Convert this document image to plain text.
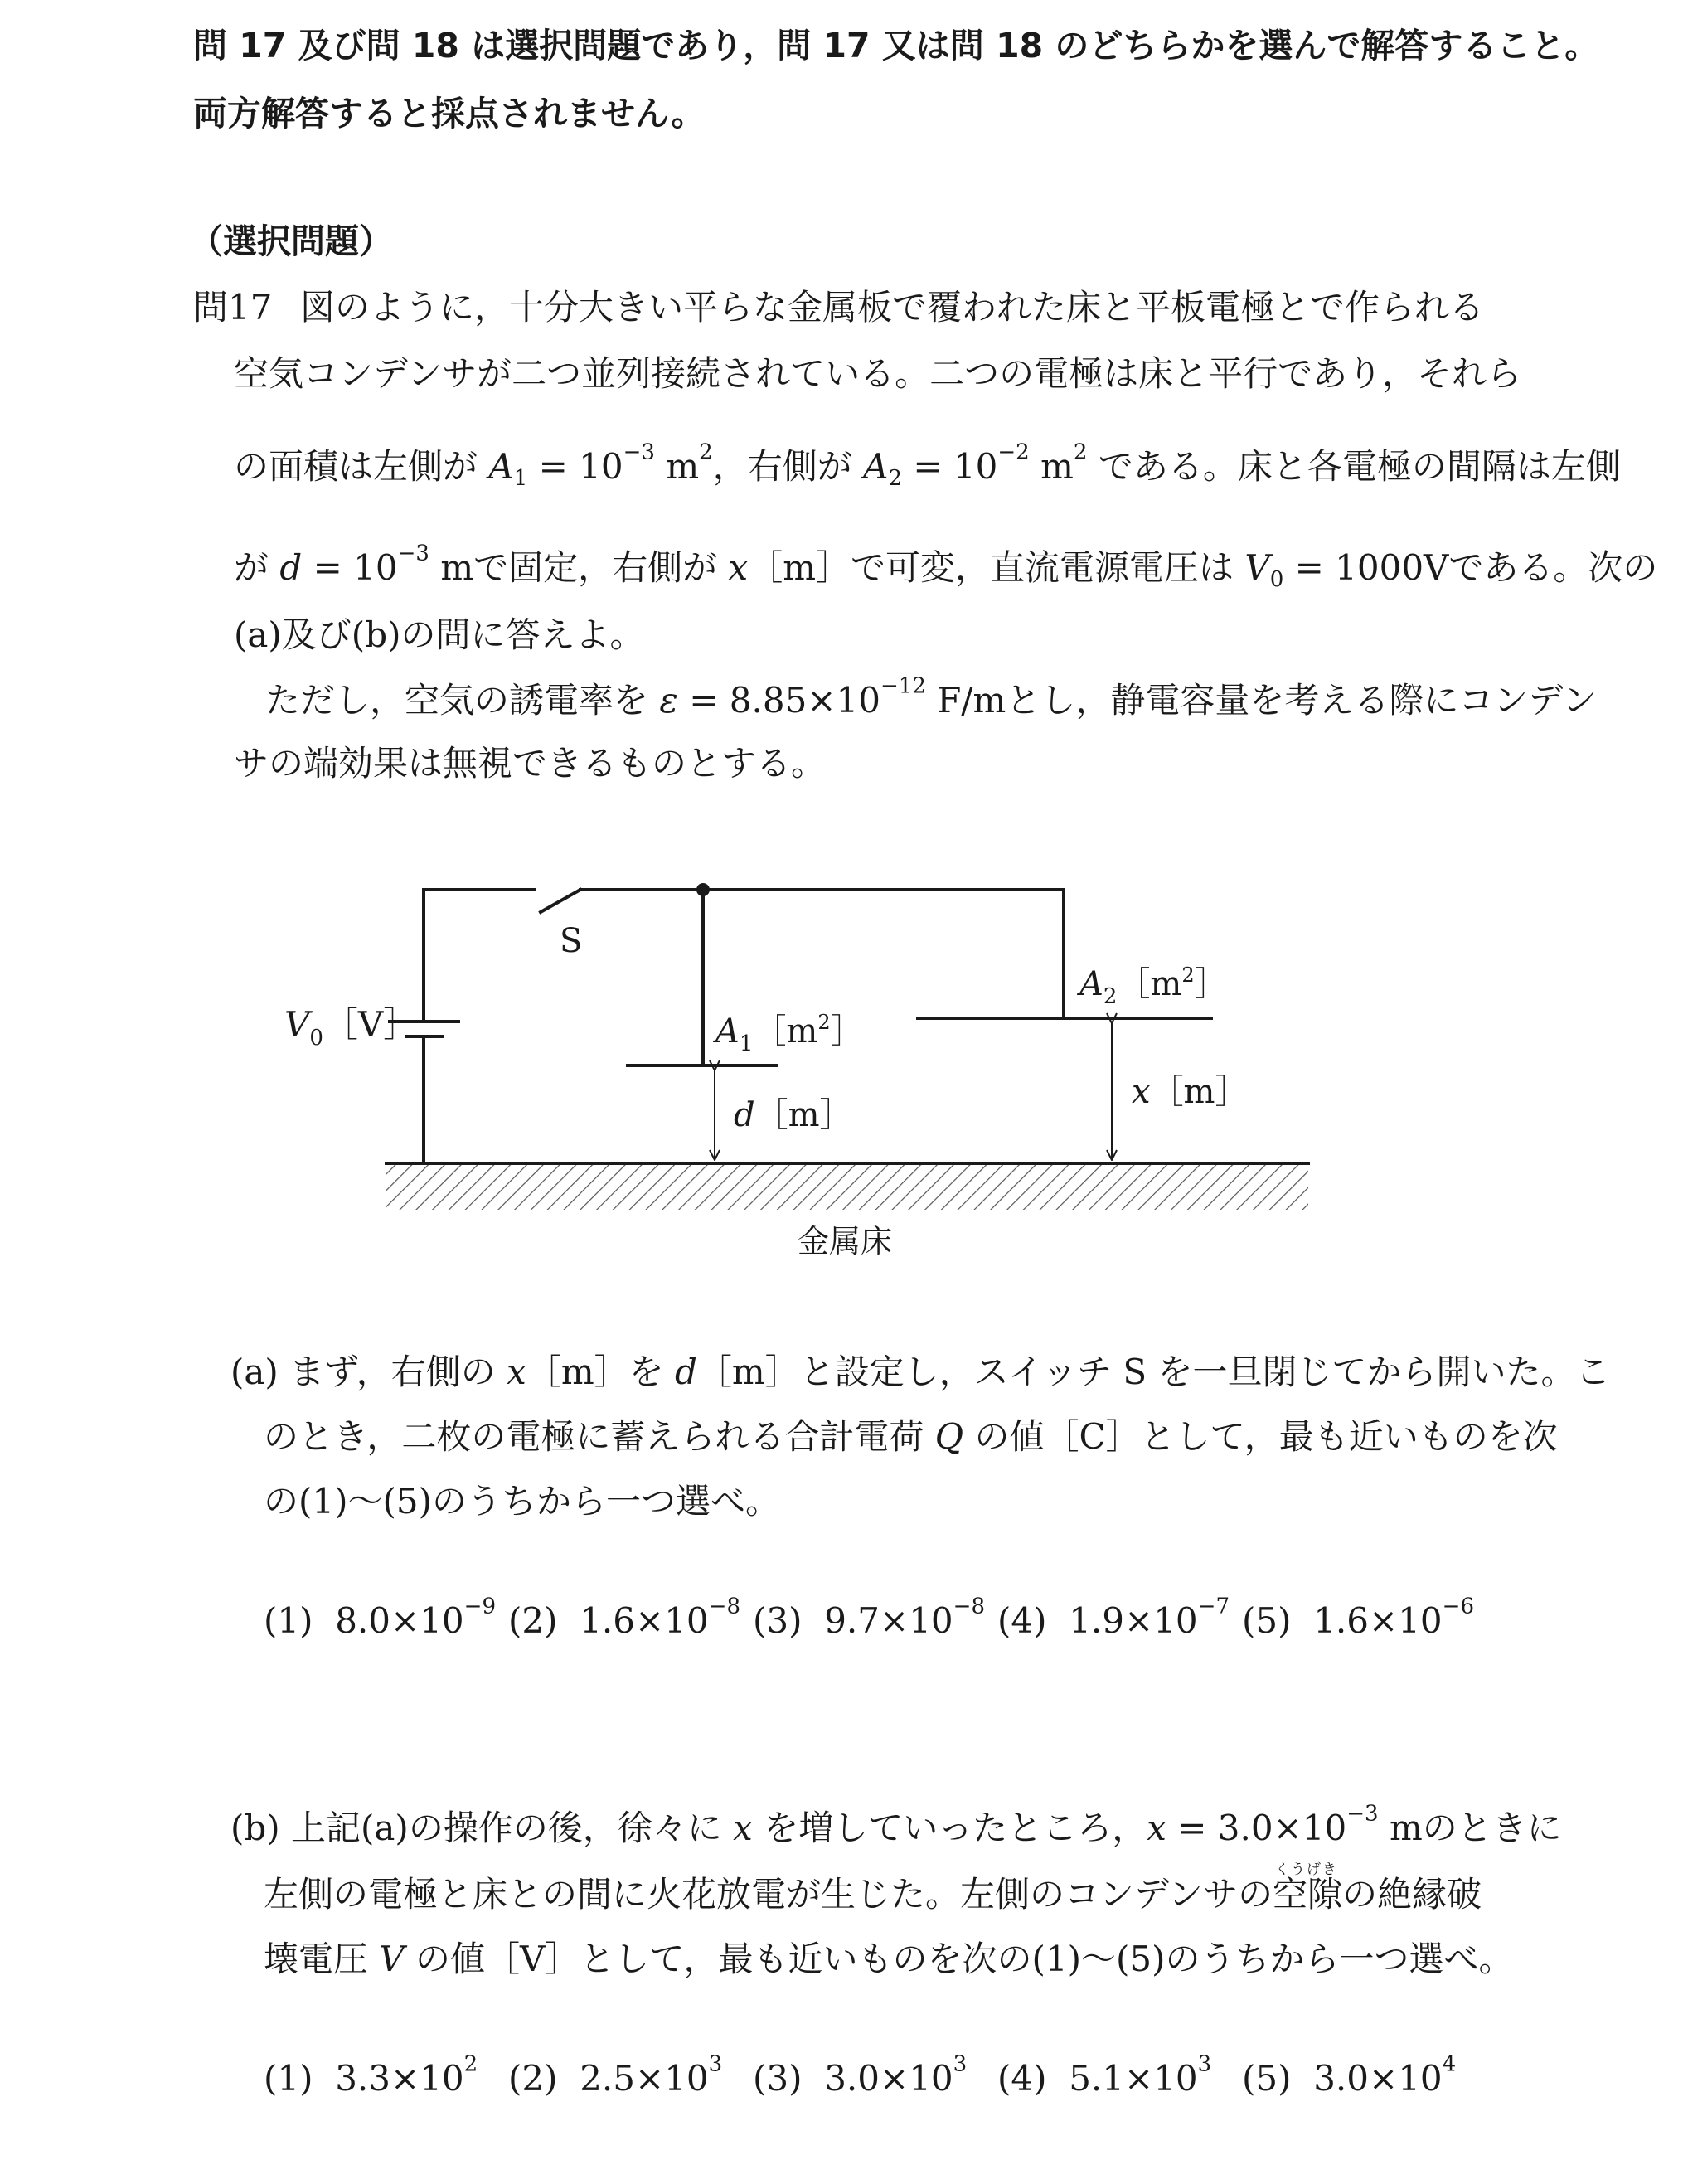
問 17 及び問 18 は選択問題であり，問 17 又は問 18 のどちらかを選んで解答すること。
両方解答すると採点されません。
（選択問題）
問17 図のように，十分大きい平らな金属板で覆われた床と平板電極とで作られる
空気コンデンサが二つ並列接続されている。二つの電極は床と平行であり，それら
の面積は左側が $A_1 = 10^{-3}$ $m^2$，右側が $A_2 = 10^{-2}$ $m^2$ である。床と各電極の間隔は左側
が $d = 10^{-3}$ mで固定，右側が x［m］で可変，直流電源電圧は $V_0 = 1000V$である。次の
(a)及び(b)の問に答えよ。
ただし，空気の誘電率を $\varepsilon = 8.85\times 10^{-12}$ F/mとし，静電容量を考える際にコンデン
サの端効果は無視できるものとする。
S
$V_0[V]$	$A_1[m^2]$
$A_2[m^2]$
d［m］
x［m］
金属床
(a) まず，右側の x［m］を d［m］と設定し，スイッチ S を一旦閉じてから開いた。こ
のとき，二枚の電極に蓄えられる合計電荷 Q の値［C］として，最も近いものを次
の(1)～(5)のうちから一つ選べ。
(1) $8.0\times 10^{-9}$ (2) $1.6\times 10^{-8}$ (3) $9.7\times 10^{-8}$ (4) $1.9\times 10^{-7}$ (5) $1.6\times 10^{-6}$
(b) 上記(a)の操作の後，徐々に x を増していったところ，$x = 3.0\times 10^{-3}$ mのときに
くうげき
左側の電極と床との間に火花放電が生じた。左側のコンデンサの空隙の絶縁破
壊電圧 V の値［V］として，最も近いものを次の(1)～(5)のうちから一つ選べ。
(1) $3.3\times 10^2$ (2) $2.5\times 10^3$ (3) $3.0\times 10^3$ (4) $5.1\times 10^3$ (5) $3.0\times 10^4$
